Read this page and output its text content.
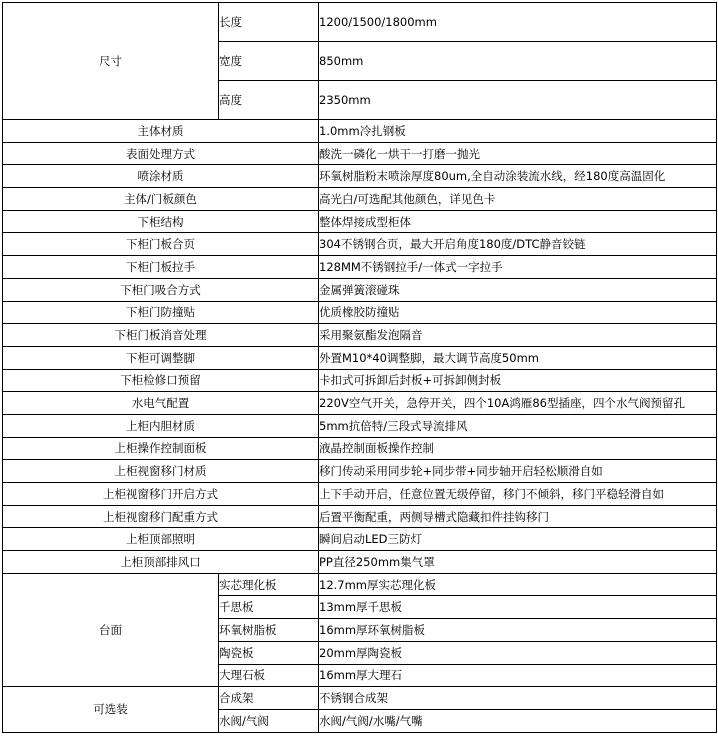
尺寸	长度	1200/1500/1800mm
	宽度	850mm
	高度	2350mm
主体材质		1.0mm冷扎钢板
表面处理方式		酸洗一磷化一烘干一打磨一抛光
喷涂材质		环氧树脂粉末喷涂厚度80um,全自动涂装流水线，经180度高温固化
主体/门板颜色		高光白/可选配其他颜色，详见色卡
下柜结构		整体焊接成型柜体
下柜门板合页		304不锈钢合页，最大开启角度180度/DTC静音铰链
下柜门板拉手		128MM不锈钢拉手/一体式一字拉手
下柜门吸合方式		金属弹簧滚碰珠
下柜门防撞贴		优质橡胶防撞贴
下柜门板消音处理		采用聚氨酯发泡隔音
下柜可调整脚		外置M10*40调整脚，最大调节高度50mm
下柜检修口预留		卡扣式可拆卸后封板+可拆卸侧封板
水电气配置		220V空气开关，急停开关，四个10A鸿雁86型插座，四个水气阀预留孔
上柜内胆材质		5mm抗倍特/三段式导流排风
上柜操作控制面板		液晶控制面板操作控制
上柜视窗移门材质		移门传动采用同步轮+同步带+同步轴开启轻松顺滑自如
上柜视窗移门开启方式		上下手动开启，任意位置无级停留，移门不倾斜，移门平稳轻滑自如
上柜视窗移门配重方式		后置平衡配重，两侧导槽式隐藏扣件挂钩移门
上柜顶部照明		瞬间启动LED三防灯
上柜顶部排风口		PP直径250mm集气罩
台面	实芯理化板	12.7mm厚实芯理化板
	千思板	13mm厚千思板
	环氧树脂板	16mm厚环氧树脂板
	陶瓷板	20mm厚陶瓷板
	大理石板	16mm厚大理石
可选装	合成架	不锈钢合成架
	水阀/气阀	水阀/气阀/水嘴/气嘴
